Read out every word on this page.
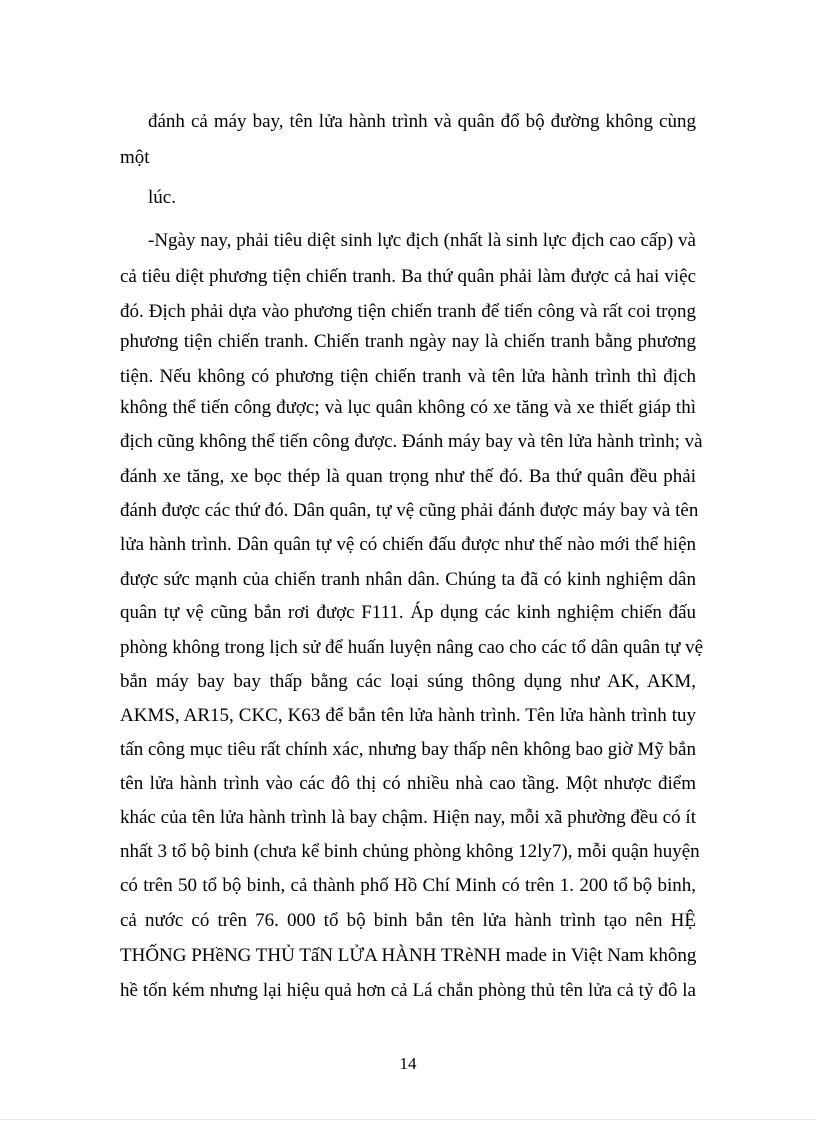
đánh cả máy bay, tên lửa hành trình và quân đổ bộ đường không cùng
một
lúc.
-Ngày nay, phải tiêu diệt sinh lực địch (nhất là sinh lực địch cao cấp) và
cả tiêu diệt phương tiện chiến tranh. Ba thứ quân phải làm được cả hai việc
đó. Địch phải dựa vào phương tiện chiến tranh để tiến công và rất coi trọng
phương tiện chiến tranh. Chiến tranh ngày nay là chiến tranh bằng phương
tiện. Nếu không có phương tiện chiến tranh và tên lửa hành trình thì địch
không thể tiến công được; và lục quân không có xe tăng và xe thiết giáp thì
địch cũng không thể tiến công được. Đánh máy bay và tên lửa hành trình; và
đánh xe tăng, xe bọc thép là quan trọng như thế đó. Ba thứ quân đều phải
đánh được các thứ đó. Dân quân, tự vệ cũng phải đánh được máy bay và tên
lửa hành trình. Dân quân tự vệ có chiến đấu được như thế nào mới thể hiện
được sức mạnh của chiến tranh nhân dân. Chúng ta đã có kinh nghiệm dân
quân tự vệ cũng bắn rơi được F111. Áp dụng các kinh nghiệm chiến đấu
phòng không trong lịch sử để huấn luyện nâng cao cho các tổ dân quân tự vệ
bắn máy bay bay thấp bằng các loại súng thông dụng như AK, AKM,
AKMS, AR15, CKC, K63 để bắn tên lửa hành trình. Tên lửa hành trình tuy
tấn công mục tiêu rất chính xác, nhưng bay thấp nên không bao giờ Mỹ bắn
tên lửa hành trình vào các đô thị có nhiều nhà cao tầng. Một nhược điểm
khác của tên lửa hành trình là bay chậm. Hiện nay, mỗi xã phường đều có ít
nhất 3 tổ bộ binh (chưa kể binh chủng phòng không 12ly7), mỗi quận huyện
có trên 50 tổ bộ binh, cả thành phố Hồ Chí Minh có trên 1. 200 tổ bộ binh,
cả nước có trên 76. 000 tổ bộ binh bắn tên lửa hành trình tạo nên HỆ
THỐNG PHềNG THỦ TấN LỬA HÀNH TRèNH made in Việt Nam không
hề tốn kém nhưng lại hiệu quả hơn cả Lá chắn phòng thủ tên lửa cả tỷ đô la
14
